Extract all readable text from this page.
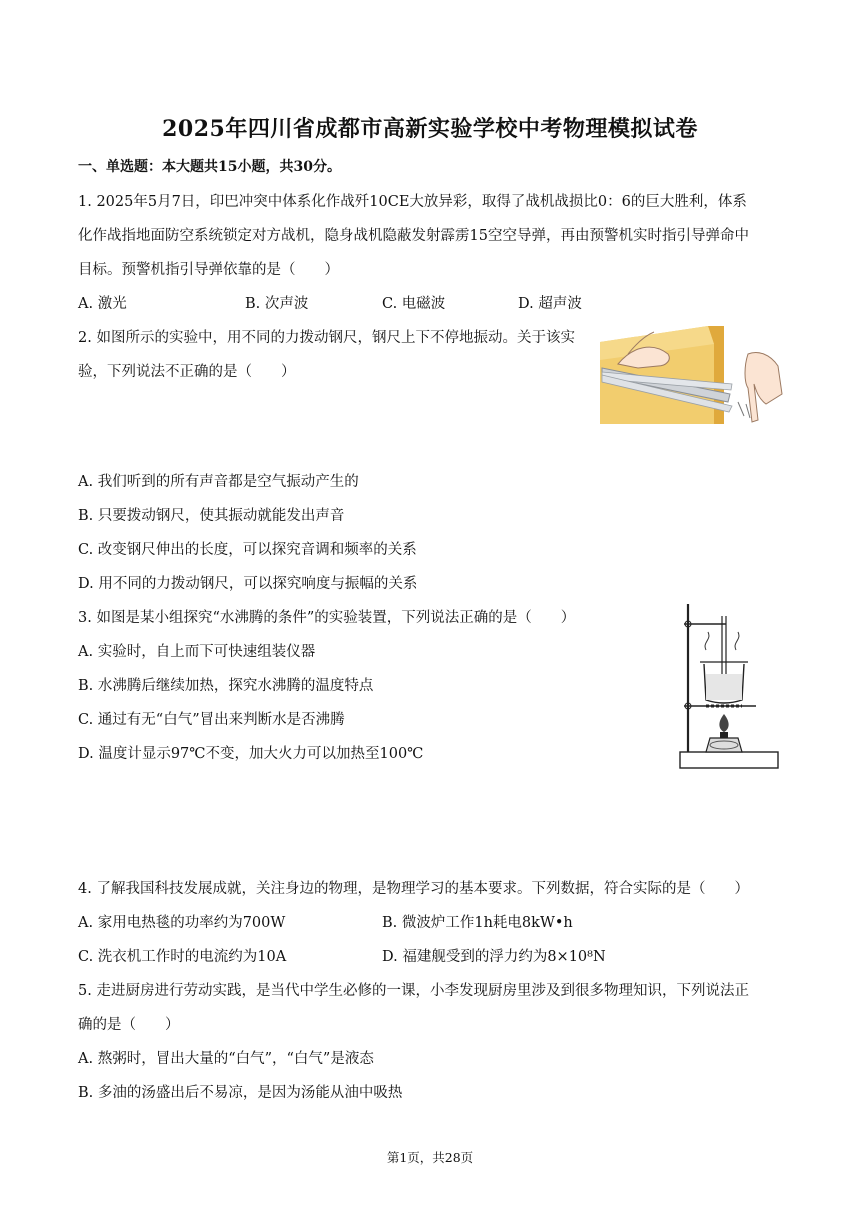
2025年四川省成都市高新实验学校中考物理模拟试卷
一、单选题：本大题共15小题，共30分。
1. 2025年5月7日，印巴冲突中体系化作战歼10CE大放异彩，取得了战机战损比0：6的巨大胜利，体系
化作战指地面防空系统锁定对方战机，隐身战机隐蔽发射霹雳15空空导弹，再由预警机实时指引导弹命中
目标。预警机指引导弹依靠的是（　　）
A. 激光	B. 次声波	C. 电磁波	D. 超声波
2. 如图所示的实验中，用不同的力拨动钢尺，钢尺上下不停地振动。关于该实
验，下列说法不正确的是（　　）
A. 我们听到的所有声音都是空气振动产生的
B. 只要拨动钢尺，使其振动就能发出声音
C. 改变钢尺伸出的长度，可以探究音调和频率的关系
D. 用不同的力拨动钢尺，可以探究响度与振幅的关系
3. 如图是某小组探究“水沸腾的条件”的实验装置，下列说法正确的是（　　）
A. 实验时，自上而下可快速组装仪器
B. 水沸腾后继续加热，探究水沸腾的温度特点
C. 通过有无“白气”冒出来判断水是否沸腾
D. 温度计显示97℃不变，加大火力可以加热至100℃
4. 了解我国科技发展成就，关注身边的物理，是物理学习的基本要求。下列数据，符合实际的是（　　）
A. 家用电热毯的功率约为700W	B. 微波炉工作1h耗电8kW•h
C. 洗衣机工作时的电流约为10A	D. 福建舰受到的浮力约为8×10⁸N
5. 走进厨房进行劳动实践，是当代中学生必修的一课，小李发现厨房里涉及到很多物理知识，下列说法正
确的是（　　）
A. 熬粥时，冒出大量的“白气”，“白气”是液态
B. 多油的汤盛出后不易凉，是因为汤能从油中吸热
第1页，共28页
